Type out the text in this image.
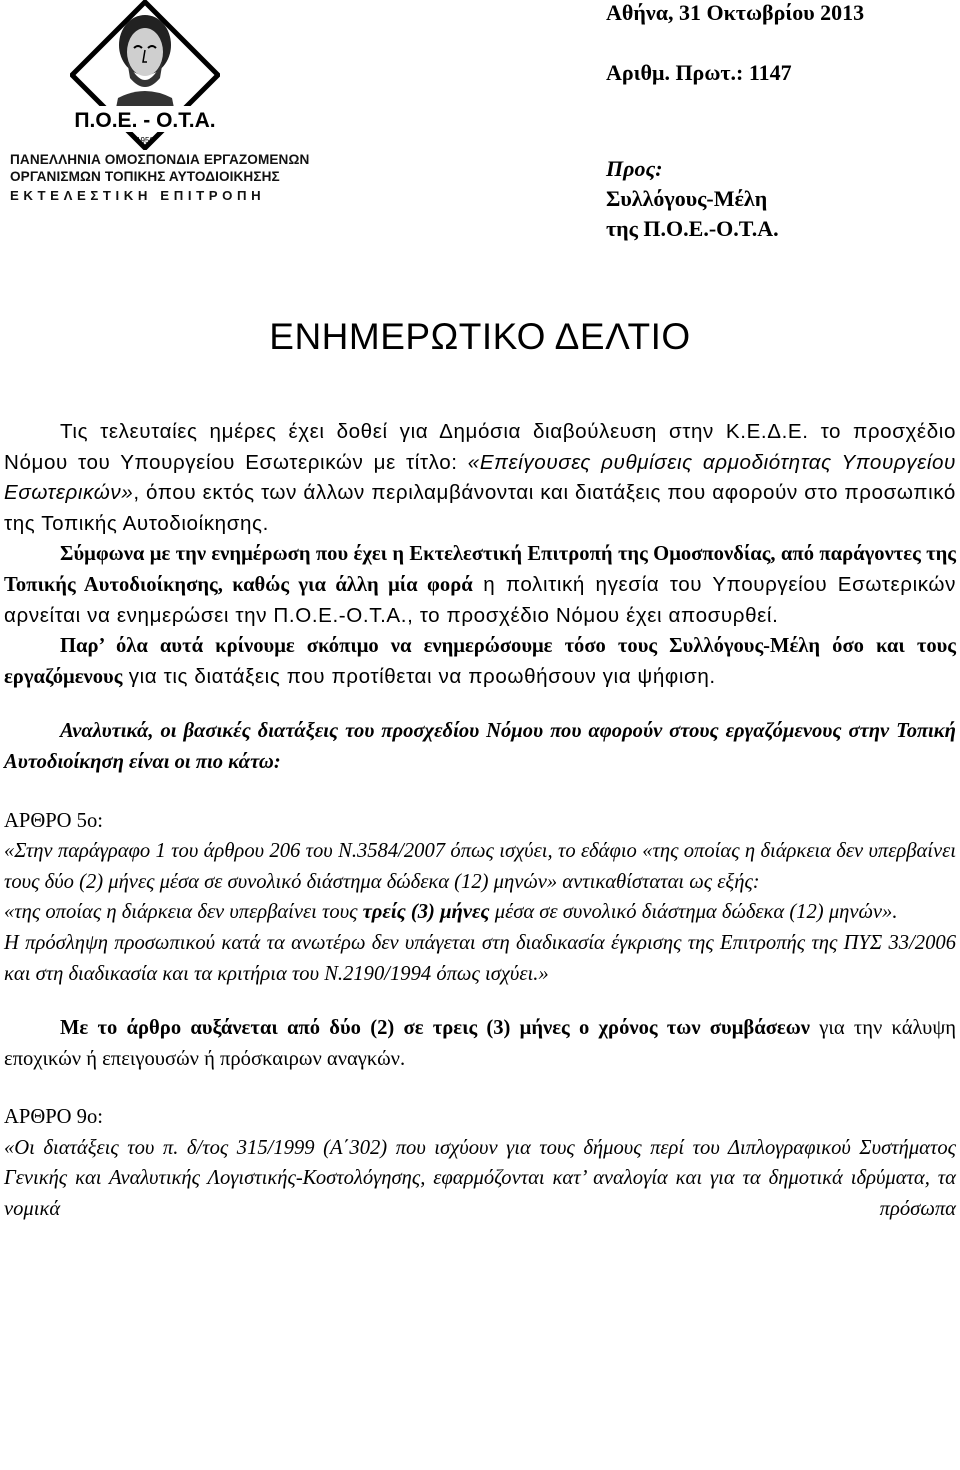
Π.Ο.Ε. - Ο.Τ.Α.
1950
ΠΑΝΕΛΛΗΝΙΑ ΟΜΟΣΠΟΝΔΙΑ ΕΡΓΑΖΟΜΕΝΩΝ
ΟΡΓΑΝΙΣΜΩΝ ΤΟΠΙΚΗΣ ΑΥΤΟΔΙΟΙΚΗΣΗΣ
ΕΚΤΕΛΕΣΤΙΚΗ ΕΠΙΤΡΟΠΗ
Αθήνα, 31 Οκτωβρίου 2013
Αριθμ. Πρωτ.: 1147
Προς:
Συλλόγους-Μέλη
της Π.Ο.Ε.-Ο.Τ.Α.
ΕΝΗΜΕΡΩΤΙΚΟ ΔΕΛΤΙΟ

Τις τελευταίες ημέρες έχει δοθεί για Δημόσια διαβούλευση στην Κ.Ε.Δ.Ε. το προσχέδιο Νόμου του Υπουργείου Εσωτερικών με τίτλο: «Επείγουσες ρυθμίσεις αρμοδιότητας Υπουργείου Εσωτερικών», όπου εκτός των άλλων περιλαμβάνονται και διατάξεις που αφορούν στο προσωπικό της Τοπικής Αυτοδιοίκησης.

Σύμφωνα με την ενημέρωση που έχει η Εκτελεστική Επιτροπή της Ομοσπονδίας, από παράγοντες της Τοπικής Αυτοδιοίκησης, καθώς για άλλη μία φορά η πολιτική ηγεσία του Υπουργείου Εσωτερικών αρνείται να ενημερώσει την Π.Ο.Ε.-Ο.Τ.Α., το προσχέδιο Νόμου έχει αποσυρθεί.

Παρ’ όλα αυτά κρίνουμε σκόπιμο να ενημερώσουμε τόσο τους Συλλόγους-Μέλη όσο και τους εργαζόμενους για τις διατάξεις που προτίθεται να προωθήσουν για ψήφιση.

Αναλυτικά, οι βασικές διατάξεις του προσχεδίου Νόμου που αφορούν στους εργαζόμενους στην Τοπική Αυτοδιοίκηση είναι οι πιο κάτω:

ΑΡΘΡΟ 5ο:

«Στην παράγραφο 1 του άρθρου 206 του Ν.3584/2007 όπως ισχύει, το εδάφιο «της οποίας η διάρκεια δεν υπερβαίνει τους δύο (2) μήνες μέσα σε συνολικό διάστημα δώδεκα (12) μηνών» αντικαθίσταται ως εξής:

«της οποίας η διάρκεια δεν υπερβαίνει τους τρείς (3) μήνες μέσα σε συνολικό διάστημα δώδεκα (12) μηνών».

Η πρόσληψη προσωπικού κατά τα ανωτέρω δεν υπάγεται στη διαδικασία έγκρισης της Επιτροπής της ΠΥΣ 33/2006 και στη διαδικασία και τα κριτήρια του Ν.2190/1994 όπως ισχύει.»

Με το άρθρο αυξάνεται από δύο (2) σε τρεις (3) μήνες ο χρόνος των συμβάσεων για την κάλυψη εποχικών ή επειγουσών ή πρόσκαιρων αναγκών.

ΑΡΘΡΟ 9ο:

«Οι διατάξεις του π. δ/τος 315/1999 (Α΄302) που ισχύουν για τους δήμους περί του Διπλογραφικού Συστήματος Γενικής και Αναλυτικής Λογιστικής-Κοστολόγησης, εφαρμόζονται κατ’ αναλογία και για τα δημοτικά ιδρύματα, τα νομικά πρόσωπα
